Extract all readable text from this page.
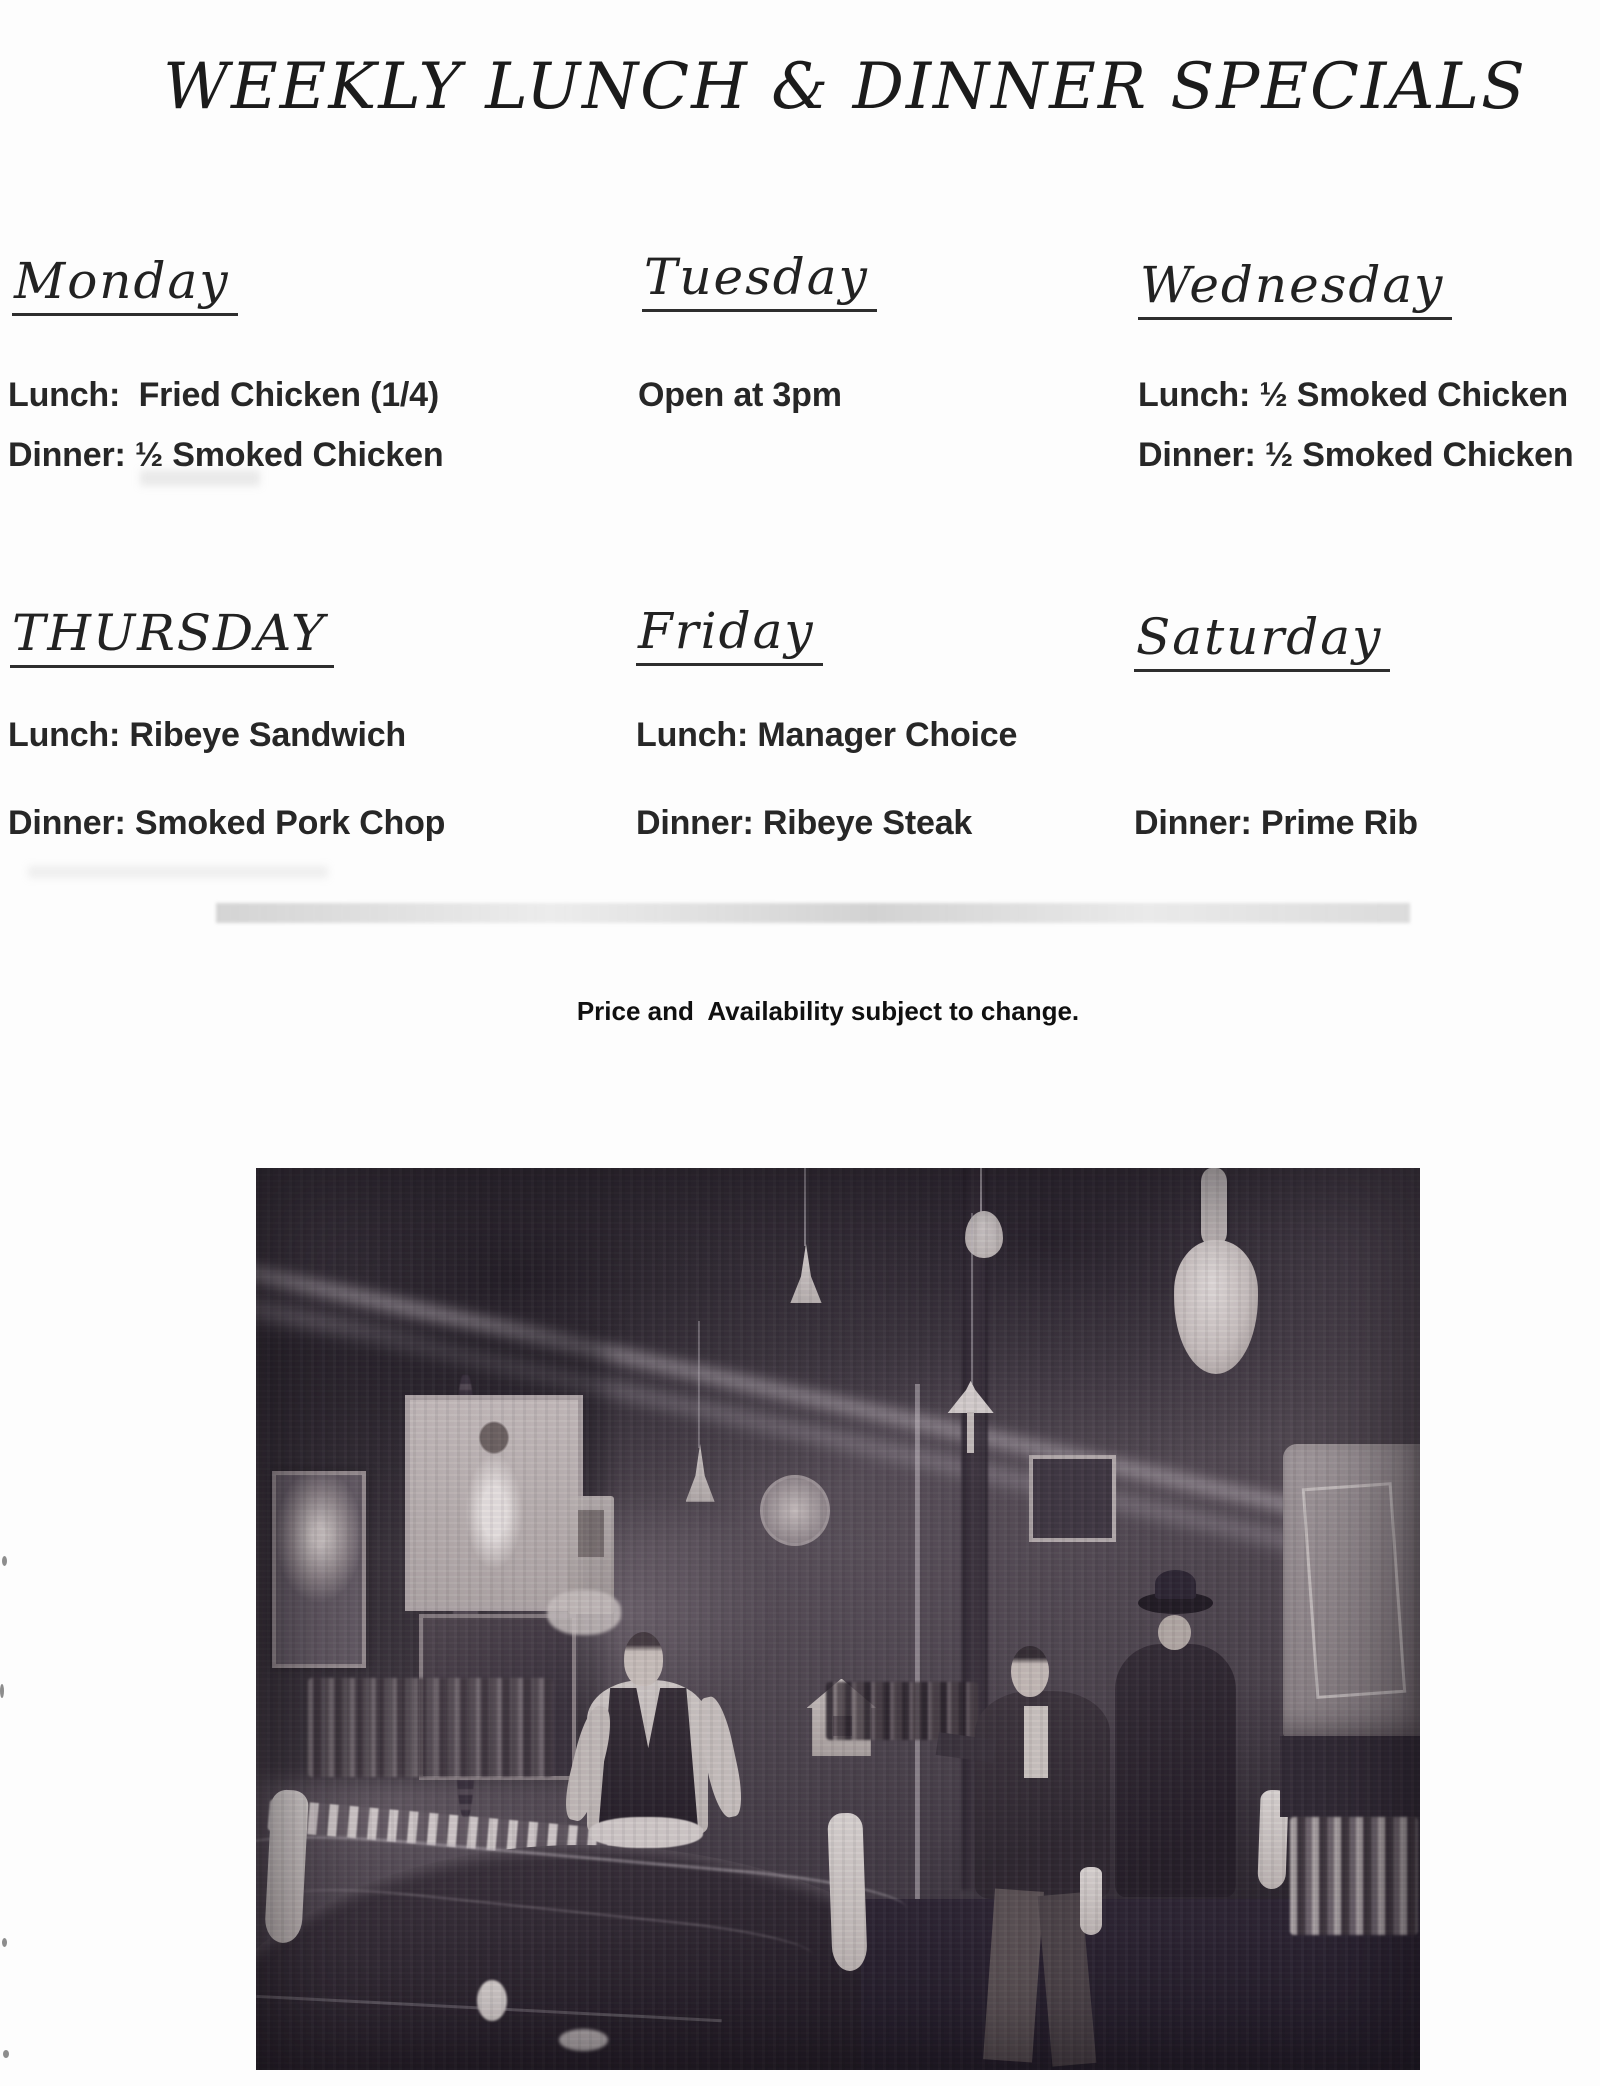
WEEKLY LUNCH & DINNER SPECIALS
Monday

Lunch:  Fried Chicken (1/4)

Dinner: ½ Smoked Chicken

Tuesday

Open at 3pm

Wednesday

Lunch: ½ Smoked Chicken

Dinner: ½ Smoked Chicken

THURSDAY

Lunch: Ribeye Sandwich

Dinner: Smoked Pork Chop

Friday

Lunch: Manager Choice

Dinner: Ribeye Steak

Saturday

Dinner: Prime Rib

Price and  Availability subject to change.
